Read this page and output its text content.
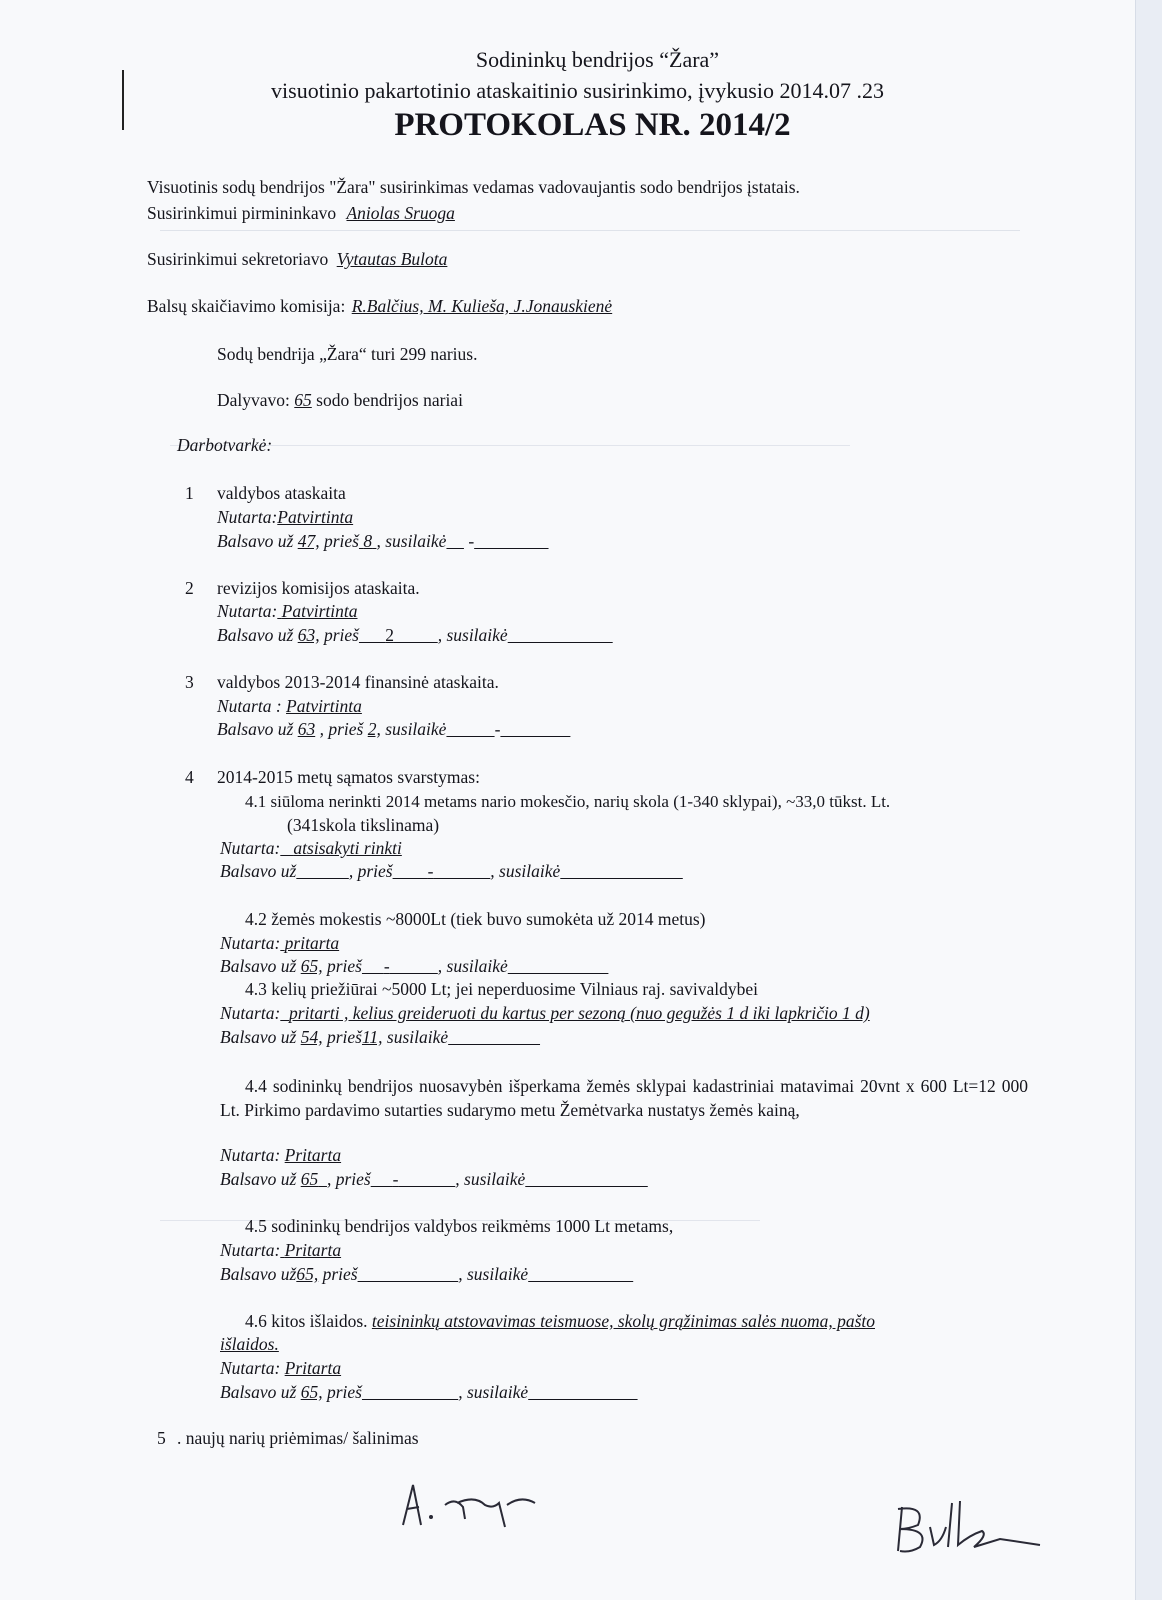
Sodininkų bendrijos “Žara”
visuotinio pakartotinio ataskaitinio susirinkimo, įvykusio 2014.07 .23
PROTOKOLAS NR. 2014/2
Visuotinis sodų bendrijos "Žara" susirinkimas vedamas vadovaujantis sodo bendrijos įstatais.
Susirinkimui pirmininkavo Aniolas Sruoga
Susirinkimui sekretoriavo Vytautas Bulota
Balsų skaičiavimo komisija: R.Balčius, M. Kulieša, J.Jonauskienė
Sodų bendrija „Žara“ turi 299 narius.
Dalyvavo: 65 sodo bendrijos nariai
Darbotvarkė:
1 valdybos ataskaita
Nutarta:Patvirtinta
Balsavo už 47, prieš 8 , susilaikė -
2 revizijos komisijos ataskaita.
Nutarta: Patvirtinta
Balsavo už 63, prieš 2	, susilaikė
3 valdybos 2013-2014 finansinė ataskaita.
Nutarta : Patvirtinta
Balsavo už 63 , prieš 2, susilaikė	-
4 2014-2015 metų sąmatos svarstymas:
4.1 siūloma nerinkti 2014 metams nario mokesčio, narių skola (1-340 sklypai), ~33,0 tūkst. Lt.
(341skola tikslinama)
Nutarta: atsisakyti rinkti
Balsavo už	, prieš -	, susilaikė
4.2 žemės mokestis ~8000Lt (tiek buvo sumokėta už 2014 metus)
Nutarta: pritarta
Balsavo už 65, prieš -	, susilaikė
4.3 kelių priežiūrai ~5000 Lt; jei neperduosime Vilniaus raj. savivaldybei
Nutarta: pritarti , kelius greideruoti du kartus per sezoną (nuo gegužės 1 d iki lapkričio 1 d)
Balsavo už 54, prieš11, susilaikė
4.4 sodininkų bendrijos nuosavybėn išperkama žemės sklypai kadastriniai matavimai 20vnt x 600 Lt=12 000 Lt. Pirkimo pardavimo sutarties sudarymo metu Žemėtvarka nustatys žemės kainą,
Nutarta: Pritarta
Balsavo už 65 , prieš -	, susilaikė
4.5 sodininkų bendrijos valdybos reikmėms 1000 Lt metams,
Nutarta: Pritarta
Balsavo už65, prieš	, susilaikė
4.6 kitos išlaidos. teisininkų atstovavimas teismuose, skolų grąžinimas salės nuoma, pašto
išlaidos.
Nutarta: Pritarta
Balsavo už 65, prieš	, susilaikė
5 . naujų narių priėmimas/ šalinimas
